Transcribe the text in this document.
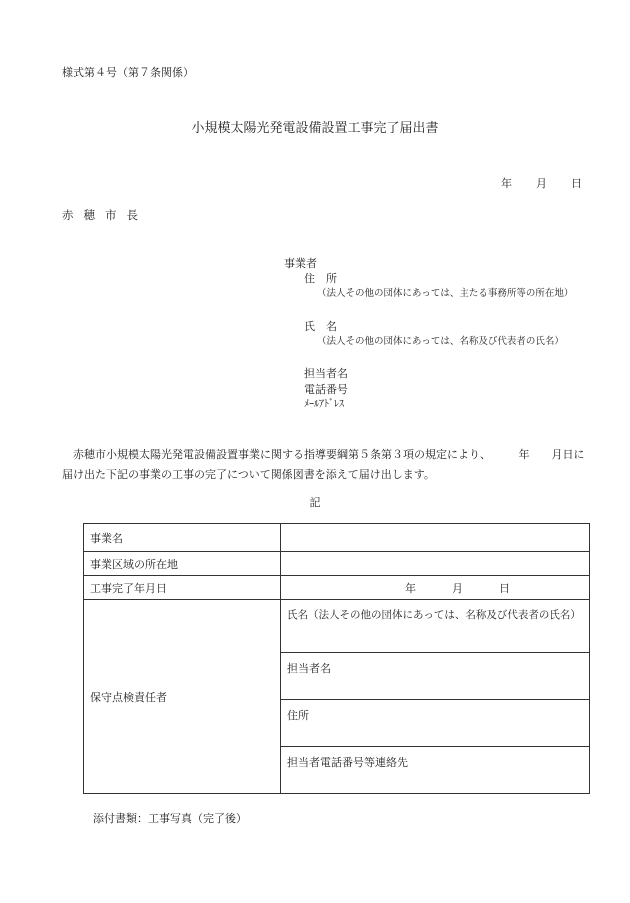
様式第４号（第７条関係）
小規模太陽光発電設備設置工事完了届出書
年 月 日
赤穂市長
事業者
住　所
（法人その他の団体にあっては、主たる事務所等の所在地）
氏　名
（法人その他の団体にあっては、名称及び代表者の氏名）
担当者名
電話番号
ﾒｰﾙｱﾄﾞﾚｽ
赤穂市小規模太陽光発電設備設置事業に関する指導要綱第５条第３項の規定により、　　　年　　月日に届け出た下記の事業の工事の完了について関係図書を添えて届け出します。
記
事業名	
事業区域の所在地	
工事完了年月日	年 月 日
保守点検責任者	氏名（法人その他の団体にあっては、名称及び代表者の氏名）
	担当者名
	住所
	担当者電話番号等連絡先
添付書類：工事写真（完了後）
